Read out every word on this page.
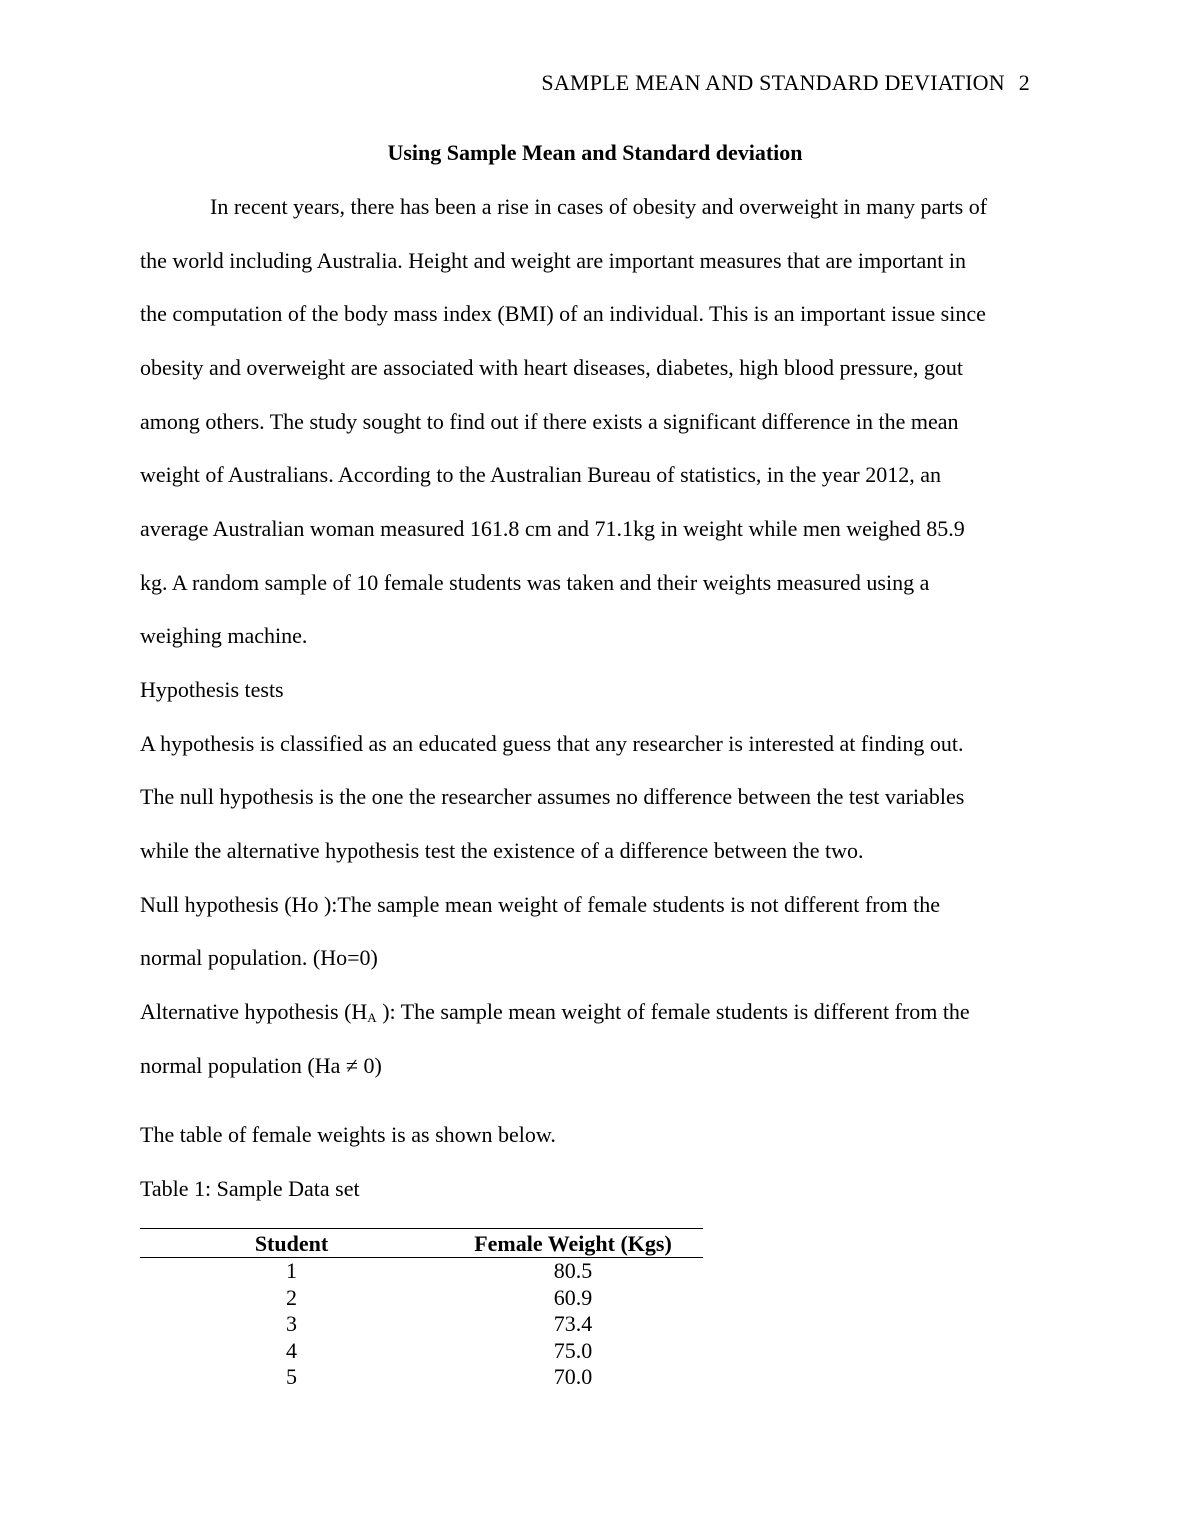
SAMPLE MEAN AND STANDARD DEVIATION 2
Using Sample Mean and Standard deviation
In recent years, there has been a rise in cases of obesity and overweight in many parts of
the world including Australia. Height and weight are important measures that are important in
the computation of the body mass index (BMI) of an individual. This is an important issue since
obesity and overweight are associated with heart diseases, diabetes, high blood pressure, gout
among others. The study sought to find out if there exists a significant difference in the mean
weight of Australians. According to the Australian Bureau of statistics, in the year 2012, an
average Australian woman measured 161.8 cm and 71.1kg in weight while men weighed 85.9
kg. A random sample of 10 female students was taken and their weights measured using a
weighing machine.
Hypothesis tests
A hypothesis is classified as an educated guess that any researcher is interested at finding out.
The null hypothesis is the one the researcher assumes no difference between the test variables
while the alternative hypothesis test the existence of a difference between the two.
Null hypothesis (Ho ):The sample mean weight of female students is not different from the
normal population. (Ho=0)
Alternative hypothesis ($H_A$ ): The sample mean weight of female students is different from the
normal population (Ha ≠ 0)
The table of female weights is as shown below.
Table 1: Sample Data set
Student	Female Weight (Kgs)
1	80.5
2	60.9
3	73.4
4	75.0
5	70.0
